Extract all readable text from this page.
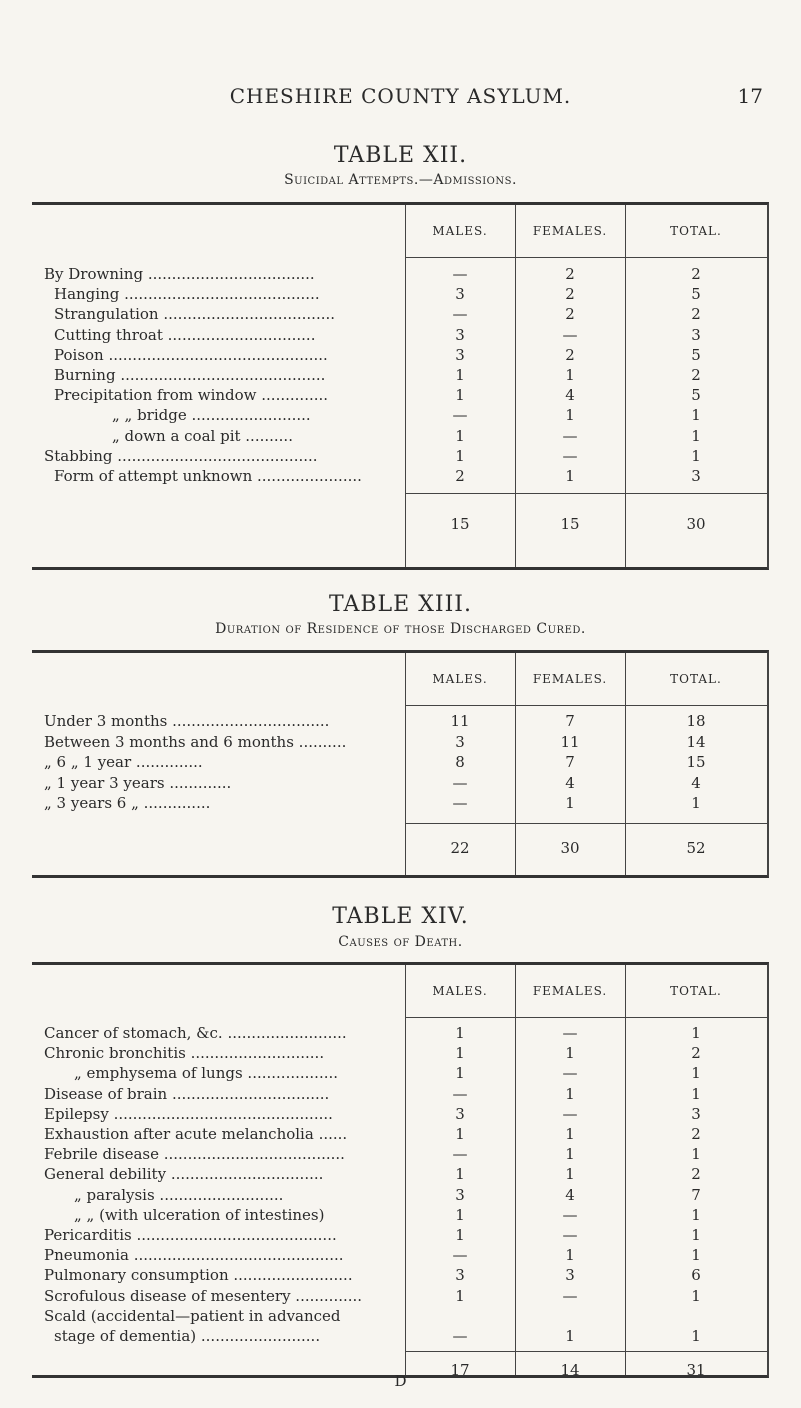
CHESHIRE COUNTY ASYLUM.	17
TABLE XII.
Suicidal Attempts.—Admissions.
MALES.	FEMALES.	TOTAL.
By Drowning ...................................	—	2	2
Hanging .........................................	3	2	5
Strangulation ....................................	—	2	2
Cutting throat ...............................	3	—	3
Poison ..............................................	3	2	5
Burning ...........................................	1	1	2
Precipitation from window ..............	1	4	5
„ „ bridge .........................	—	1	1
„ down a coal pit ..........	1	—	1
Stabbing ..........................................	1	—	1
Form of attempt unknown ......................	2	1	3
15	15	30
TABLE XIII.
Duration of Residence of those Discharged Cured.
MALES.	FEMALES.	TOTAL.
Under 3 months .................................	11	7	18
Between 3 months and 6 months ..........	3	11	14
„ 6 „ 1 year ..............	8	7	15
„ 1 year 3 years .............	—	4	4
„ 3 years 6 „ ..............	—	1	1
22	30	52
TABLE XIV.
Causes of Death.
MALES.	FEMALES.	TOTAL.
Cancer of stomach, &c. .........................	1	—	1
Chronic bronchitis ............................	1	1	2
„ emphysema of lungs ...................	1	—	1
Disease of brain .................................	—	1	1
Epilepsy ..............................................	3	—	3
Exhaustion after acute melancholia ......	1	1	2
Febrile disease ......................................	—	1	1
General debility ................................	1	1	2
„ paralysis ..........................	3	4	7
„ „ (with ulceration of intestines)	1	—	1
Pericarditis ..........................................	1	—	1
Pneumonia ............................................	—	1	1
Pulmonary consumption .........................	3	3	6
Scrofulous disease of mesentery ..............	1	—	1
Scald (accidental—patient in advanced
stage of dementia) .........................	—	1	1
17	14	31
D
